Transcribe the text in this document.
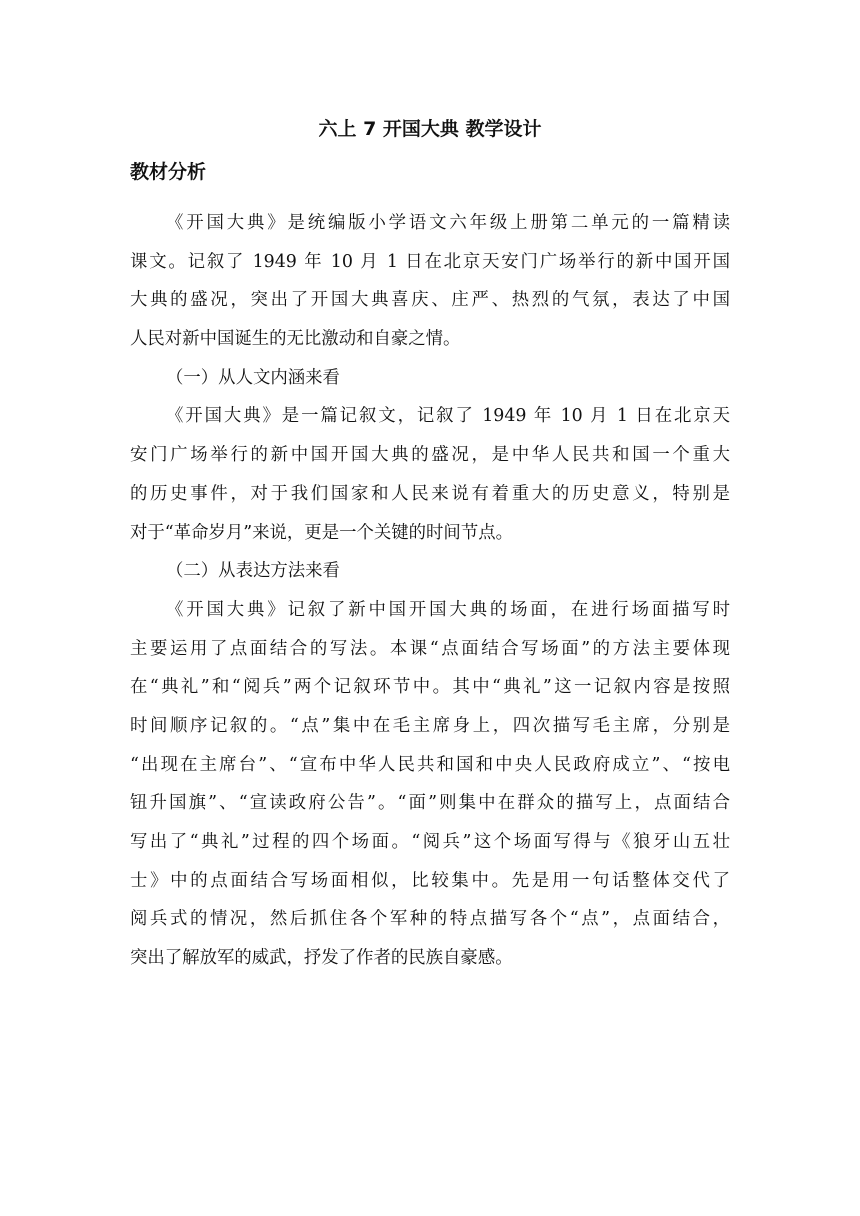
六上 7 开国大典 教学设计
教材分析
《开国大典》是统编版小学语文六年级上册第二单元的一篇精读
课文。记叙了 1949 年 10 月 1 日在北京天安门广场举行的新中国开国
大典的盛况，突出了开国大典喜庆、庄严、热烈的气氛，表达了中国
人民对新中国诞生的无比激动和自豪之情。
（一）从人文内涵来看
《开国大典》是一篇记叙文，记叙了 1949 年 10 月 1 日在北京天
安门广场举行的新中国开国大典的盛况，是中华人民共和国一个重大
的历史事件，对于我们国家和人民来说有着重大的历史意义，特别是
对于“革命岁月”来说，更是一个关键的时间节点。
（二）从表达方法来看
《开国大典》记叙了新中国开国大典的场面，在进行场面描写时
主要运用了点面结合的写法。本课“点面结合写场面”的方法主要体现
在“典礼”和“阅兵”两个记叙环节中。其中“典礼”这一记叙内容是按照
时间顺序记叙的。“点”集中在毛主席身上，四次描写毛主席，分别是
“出现在主席台”、“宣布中华人民共和国和中央人民政府成立”、“按电
钮升国旗”、“宣读政府公告”。“面”则集中在群众的描写上，点面结合
写出了“典礼”过程的四个场面。“阅兵”这个场面写得与《狼牙山五壮
士》中的点面结合写场面相似，比较集中。先是用一句话整体交代了
阅兵式的情况，然后抓住各个军种的特点描写各个“点”，点面结合，
突出了解放军的威武，抒发了作者的民族自豪感。
